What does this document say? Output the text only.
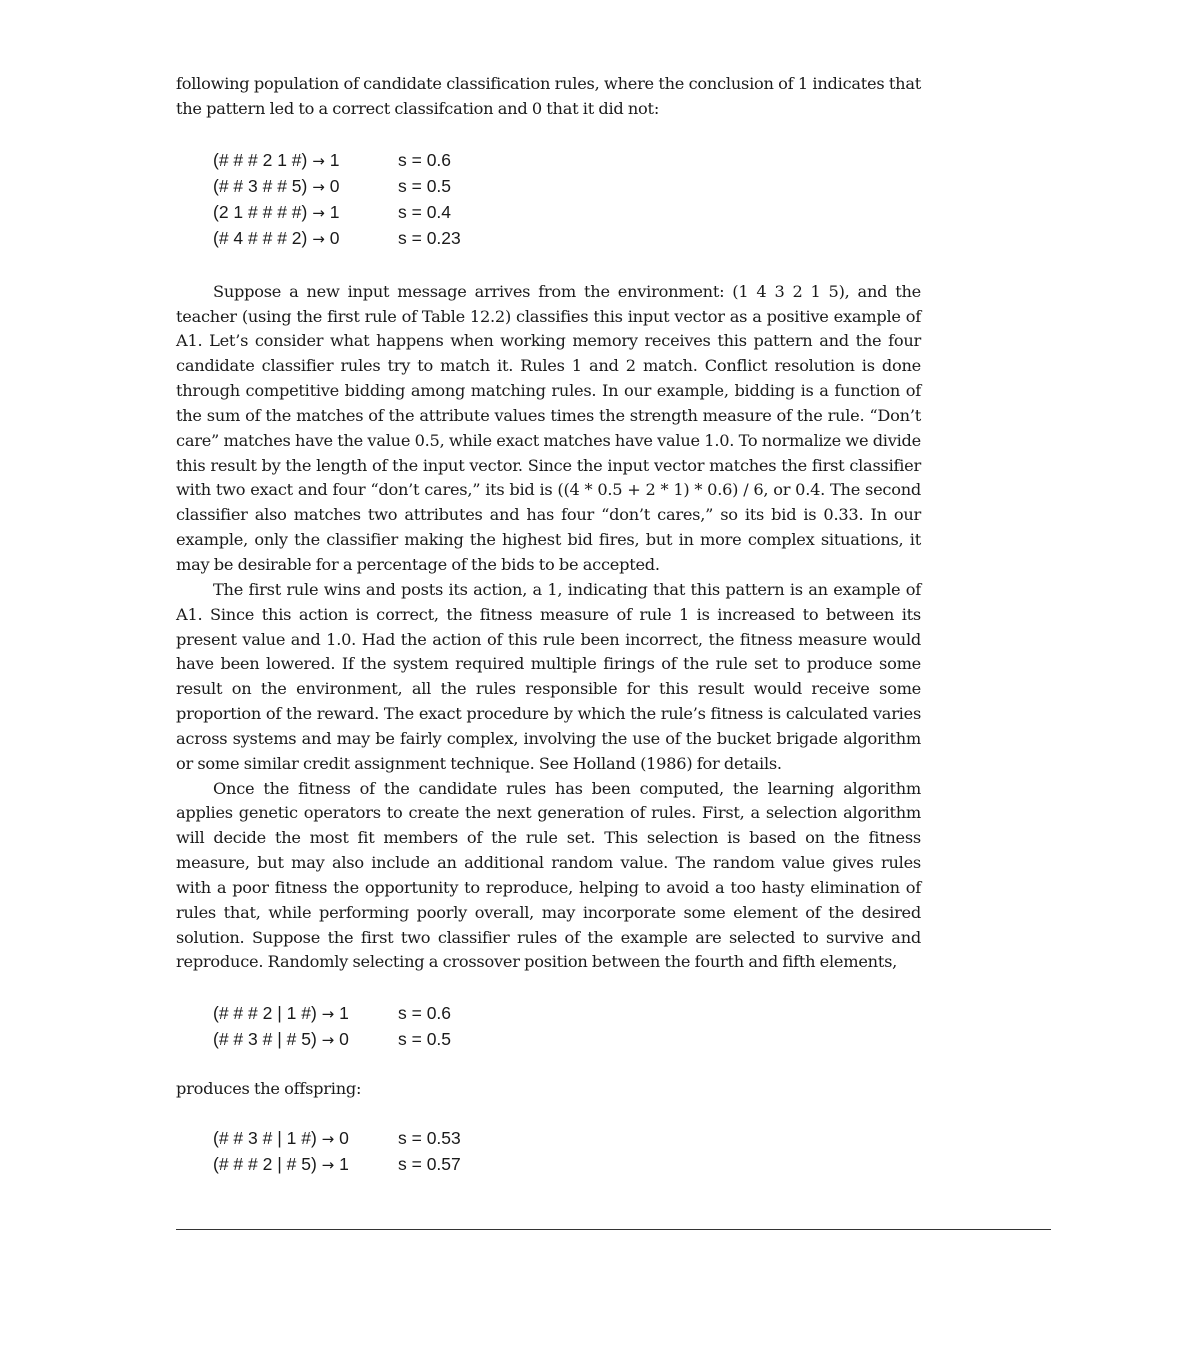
following population of candidate classification rules, where the conclusion of 1 indicates that the pattern led to a correct classifcation and 0 that it did not:

(# # # 2 1 #) → 1	s = 0.6
(# # 3 # # 5) → 0	s = 0.5
(2 1 # # # #) → 1	s = 0.4
(# 4 # # # 2) → 0	s = 0.23

Suppose a new input message arrives from the environment: (1 4 3 2 1 5), and the teacher (using the first rule of Table 12.2) classifies this input vector as a positive example of A1. Let’s consider what happens when working memory receives this pattern and the four candidate classifier rules try to match it. Rules 1 and 2 match. Conflict resolution is done through competitive bidding among matching rules. In our example, bidding is a function of the sum of the matches of the attribute values times the strength measure of the rule. “Don’t care” matches have the value 0.5, while exact matches have value 1.0. To normalize we divide this result by the length of the input vector. Since the input vector matches the first classifier with two exact and four “don’t cares,” its bid is ((4 * 0.5 + 2 * 1) * 0.6) / 6, or 0.4. The second classifier also matches two attributes and has four “don’t cares,” so its bid is 0.33. In our example, only the classifier making the highest bid fires, but in more complex situations, it may be desirable for a percentage of the bids to be accepted.

The first rule wins and posts its action, a 1, indicating that this pattern is an example of A1. Since this action is correct, the fitness measure of rule 1 is increased to between its present value and 1.0. Had the action of this rule been incorrect, the fitness measure would have been lowered. If the system required multiple firings of the rule set to produce some result on the environment, all the rules responsible for this result would receive some proportion of the reward. The exact procedure by which the rule’s fitness is calculated varies across systems and may be fairly complex, involving the use of the bucket brigade algorithm or some similar credit assignment technique. See Holland (1986) for details.

Once the fitness of the candidate rules has been computed, the learning algorithm applies genetic operators to create the next generation of rules. First, a selection algorithm will decide the most fit members of the rule set. This selection is based on the fitness measure, but may also include an additional random value. The random value gives rules with a poor fitness the opportunity to reproduce, helping to avoid a too hasty elimination of rules that, while performing poorly overall, may incorporate some element of the desired solution. Suppose the first two classifier rules of the example are selected to survive and reproduce. Randomly selecting a crossover position between the fourth and fifth elements,

(# # # 2 | 1 #) → 1	s = 0.6
(# # 3 # | # 5) → 0	s = 0.5

produces the offspring:

(# # 3 # | 1 #) → 0	s = 0.53
(# # # 2 | # 5) → 1	s = 0.57
